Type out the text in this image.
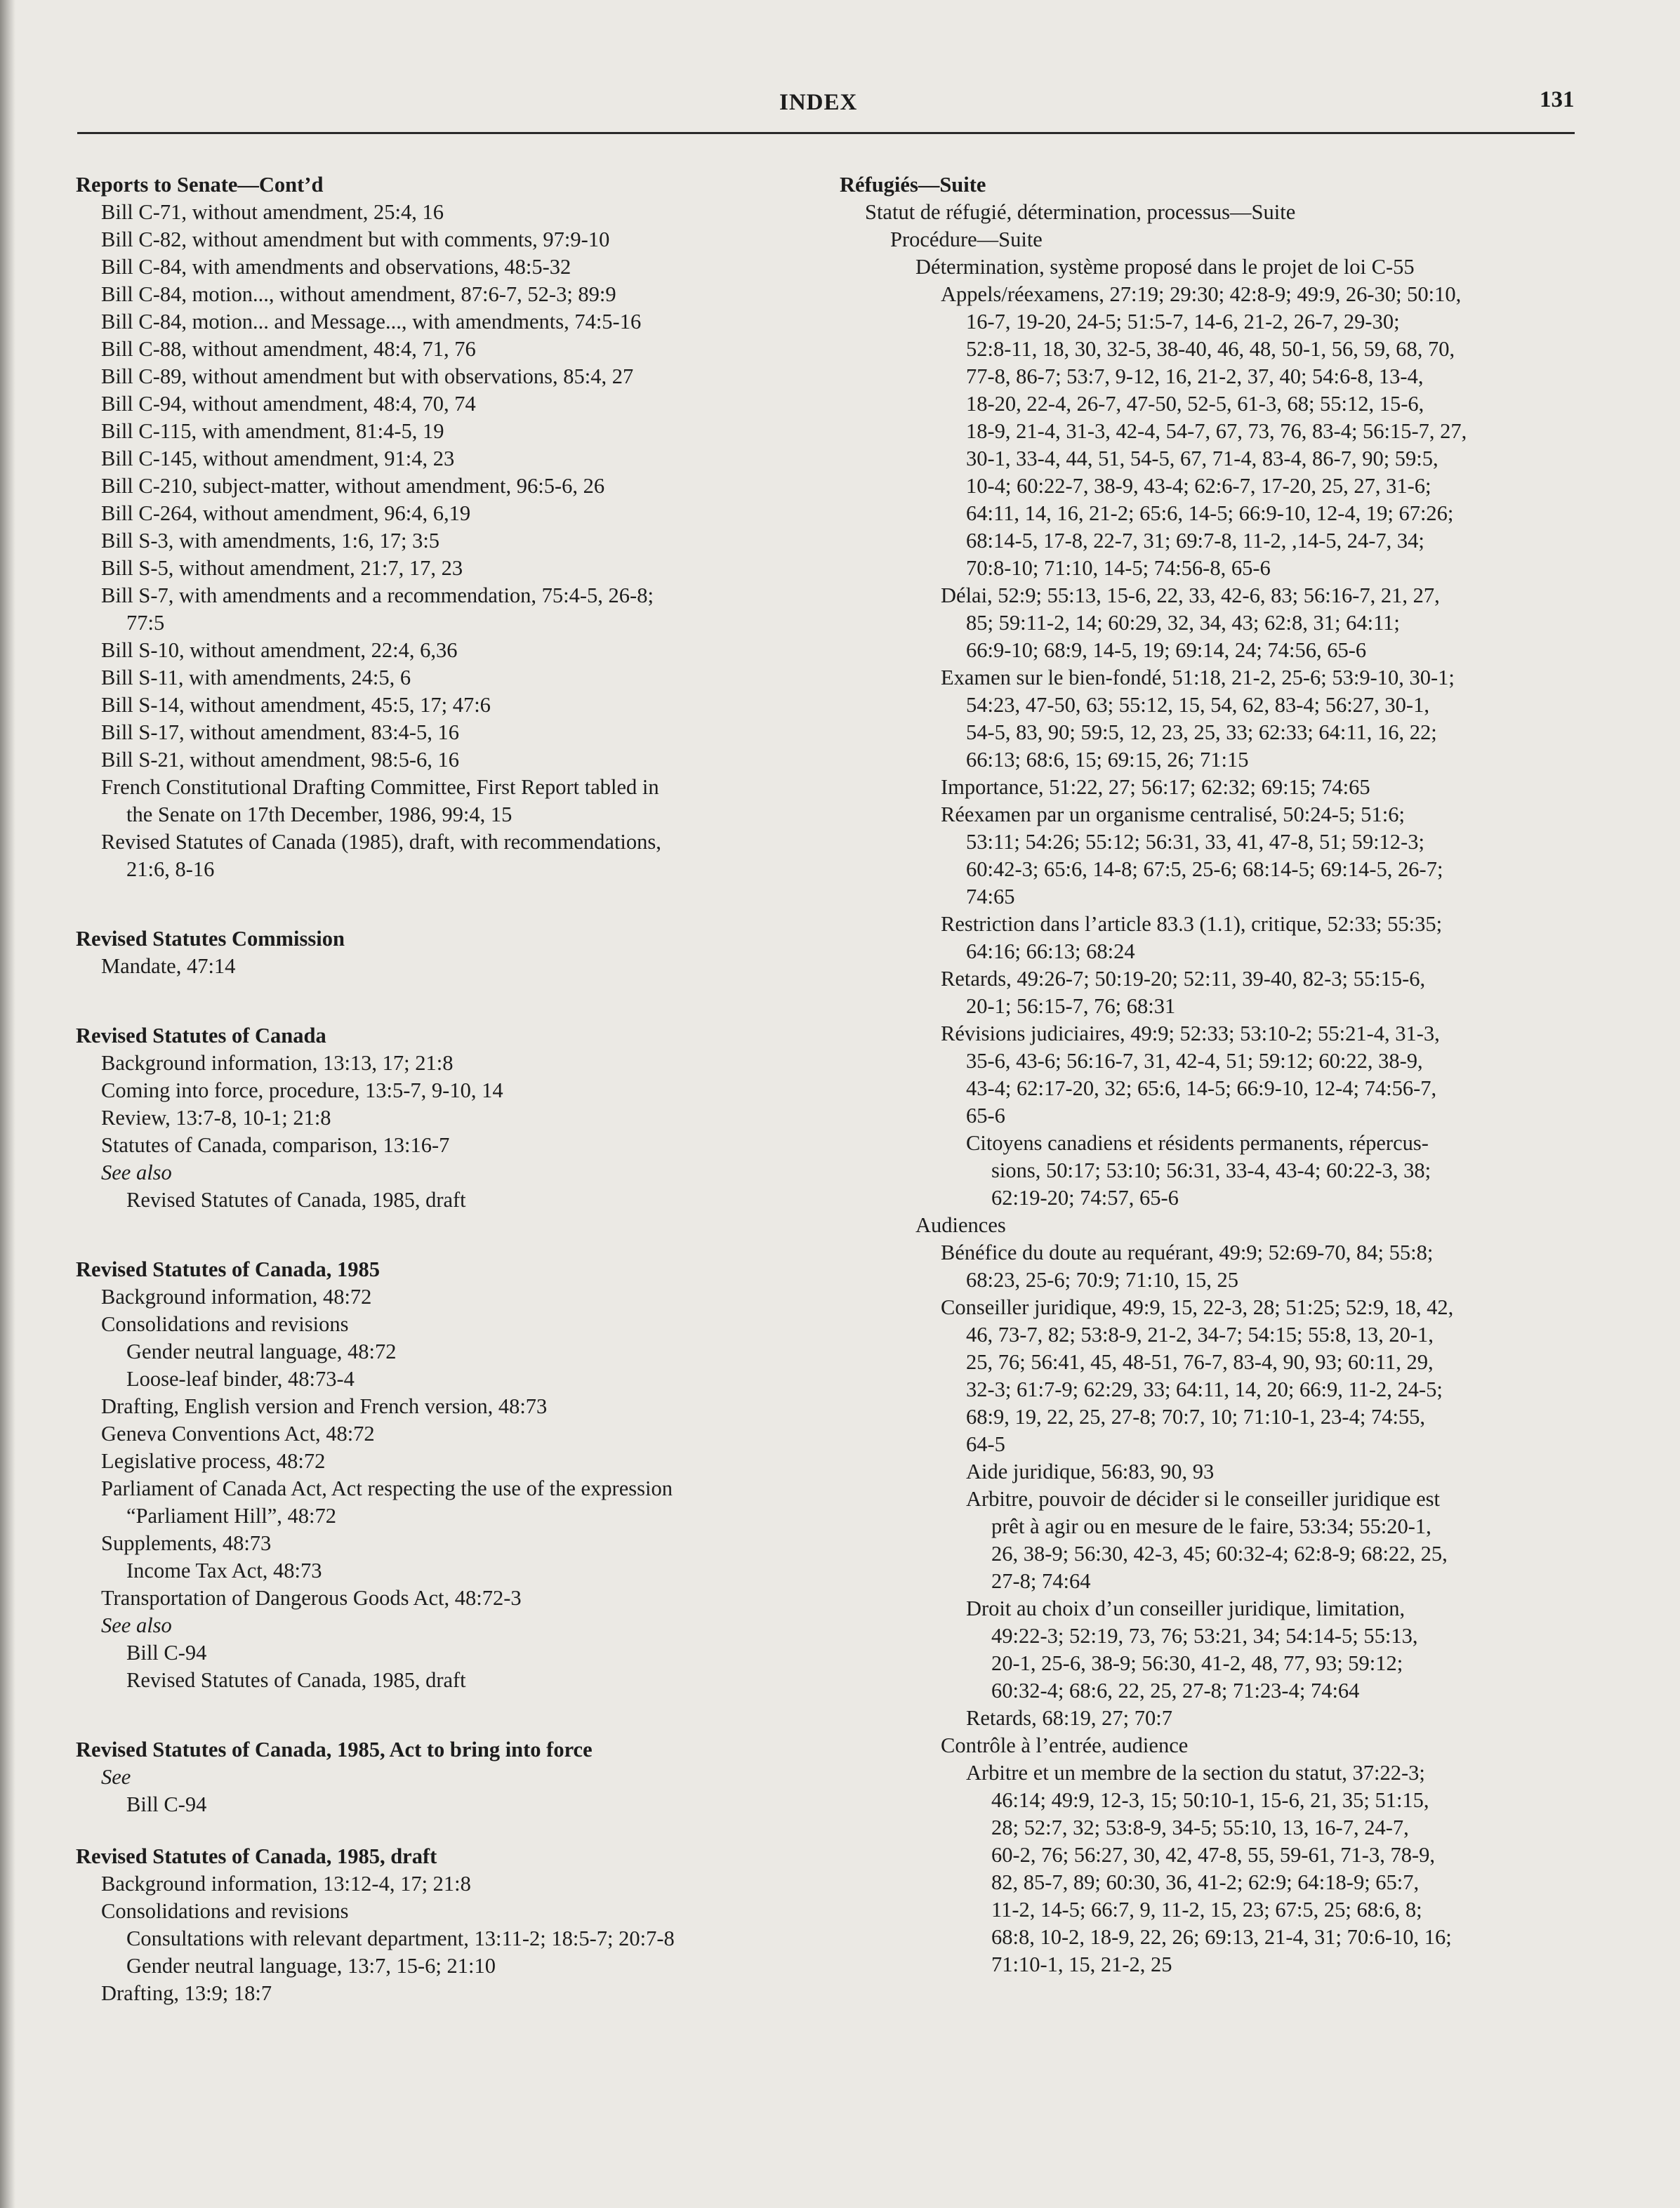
INDEX	131
Reports to Senate—Cont’d
Bill C-71, without amendment, 25:4, 16
Bill C-82, without amendment but with comments, 97:9-10
Bill C-84, with amendments and observations, 48:5-32
Bill C-84, motion..., without amendment, 87:6-7, 52-3; 89:9
Bill C-84, motion... and Message..., with amendments, 74:5-16
Bill C-88, without amendment, 48:4, 71, 76
Bill C-89, without amendment but with observations, 85:4, 27
Bill C-94, without amendment, 48:4, 70, 74
Bill C-115, with amendment, 81:4-5, 19
Bill C-145, without amendment, 91:4, 23
Bill C-210, subject-matter, without amendment, 96:5-6, 26
Bill C-264, without amendment, 96:4, 6,19
Bill S-3, with amendments, 1:6, 17; 3:5
Bill S-5, without amendment, 21:7, 17, 23
Bill S-7, with amendments and a recommendation, 75:4-5, 26-8;
77:5
Bill S-10, without amendment, 22:4, 6,36
Bill S-11, with amendments, 24:5, 6
Bill S-14, without amendment, 45:5, 17; 47:6
Bill S-17, without amendment, 83:4-5, 16
Bill S-21, without amendment, 98:5-6, 16
French Constitutional Drafting Committee, First Report tabled in
the Senate on 17th December, 1986, 99:4, 15
Revised Statutes of Canada (1985), draft, with recommendations,
21:6, 8-16
Revised Statutes Commission
Mandate, 47:14
Revised Statutes of Canada
Background information, 13:13, 17; 21:8
Coming into force, procedure, 13:5-7, 9-10, 14
Review, 13:7-8, 10-1; 21:8
Statutes of Canada, comparison, 13:16-7
See also
Revised Statutes of Canada, 1985, draft
Revised Statutes of Canada, 1985
Background information, 48:72
Consolidations and revisions
Gender neutral language, 48:72
Loose-leaf binder, 48:73-4
Drafting, English version and French version, 48:73
Geneva Conventions Act, 48:72
Legislative process, 48:72
Parliament of Canada Act, Act respecting the use of the expression
“Parliament Hill”, 48:72
Supplements, 48:73
Income Tax Act, 48:73
Transportation of Dangerous Goods Act, 48:72-3
See also
Bill C-94
Revised Statutes of Canada, 1985, draft
Revised Statutes of Canada, 1985, Act to bring into force
See
Bill C-94
Revised Statutes of Canada, 1985, draft
Background information, 13:12-4, 17; 21:8
Consolidations and revisions
Consultations with relevant department, 13:11-2; 18:5-7; 20:7-8
Gender neutral language, 13:7, 15-6; 21:10
Drafting, 13:9; 18:7
Réfugiés—Suite
Statut de réfugié, détermination, processus—Suite
Procédure—Suite
Détermination, système proposé dans le projet de loi C-55
Appels/réexamens, 27:19; 29:30; 42:8-9; 49:9, 26-30; 50:10,
16-7, 19-20, 24-5; 51:5-7, 14-6, 21-2, 26-7, 29-30;
52:8-11, 18, 30, 32-5, 38-40, 46, 48, 50-1, 56, 59, 68, 70,
77-8, 86-7; 53:7, 9-12, 16, 21-2, 37, 40; 54:6-8, 13-4,
18-20, 22-4, 26-7, 47-50, 52-5, 61-3, 68; 55:12, 15-6,
18-9, 21-4, 31-3, 42-4, 54-7, 67, 73, 76, 83-4; 56:15-7, 27,
30-1, 33-4, 44, 51, 54-5, 67, 71-4, 83-4, 86-7, 90; 59:5,
10-4; 60:22-7, 38-9, 43-4; 62:6-7, 17-20, 25, 27, 31-6;
64:11, 14, 16, 21-2; 65:6, 14-5; 66:9-10, 12-4, 19; 67:26;
68:14-5, 17-8, 22-7, 31; 69:7-8, 11-2, ,14-5, 24-7, 34;
70:8-10; 71:10, 14-5; 74:56-8, 65-6
Délai, 52:9; 55:13, 15-6, 22, 33, 42-6, 83; 56:16-7, 21, 27,
85; 59:11-2, 14; 60:29, 32, 34, 43; 62:8, 31; 64:11;
66:9-10; 68:9, 14-5, 19; 69:14, 24; 74:56, 65-6
Examen sur le bien-fondé, 51:18, 21-2, 25-6; 53:9-10, 30-1;
54:23, 47-50, 63; 55:12, 15, 54, 62, 83-4; 56:27, 30-1,
54-5, 83, 90; 59:5, 12, 23, 25, 33; 62:33; 64:11, 16, 22;
66:13; 68:6, 15; 69:15, 26; 71:15
Importance, 51:22, 27; 56:17; 62:32; 69:15; 74:65
Réexamen par un organisme centralisé, 50:24-5; 51:6;
53:11; 54:26; 55:12; 56:31, 33, 41, 47-8, 51; 59:12-3;
60:42-3; 65:6, 14-8; 67:5, 25-6; 68:14-5; 69:14-5, 26-7;
74:65
Restriction dans l’article 83.3 (1.1), critique, 52:33; 55:35;
64:16; 66:13; 68:24
Retards, 49:26-7; 50:19-20; 52:11, 39-40, 82-3; 55:15-6,
20-1; 56:15-7, 76; 68:31
Révisions judiciaires, 49:9; 52:33; 53:10-2; 55:21-4, 31-3,
35-6, 43-6; 56:16-7, 31, 42-4, 51; 59:12; 60:22, 38-9,
43-4; 62:17-20, 32; 65:6, 14-5; 66:9-10, 12-4; 74:56-7,
65-6
Citoyens canadiens et résidents permanents, répercus-
sions, 50:17; 53:10; 56:31, 33-4, 43-4; 60:22-3, 38;
62:19-20; 74:57, 65-6
Audiences
Bénéfice du doute au requérant, 49:9; 52:69-70, 84; 55:8;
68:23, 25-6; 70:9; 71:10, 15, 25
Conseiller juridique, 49:9, 15, 22-3, 28; 51:25; 52:9, 18, 42,
46, 73-7, 82; 53:8-9, 21-2, 34-7; 54:15; 55:8, 13, 20-1,
25, 76; 56:41, 45, 48-51, 76-7, 83-4, 90, 93; 60:11, 29,
32-3; 61:7-9; 62:29, 33; 64:11, 14, 20; 66:9, 11-2, 24-5;
68:9, 19, 22, 25, 27-8; 70:7, 10; 71:10-1, 23-4; 74:55,
64-5
Aide juridique, 56:83, 90, 93
Arbitre, pouvoir de décider si le conseiller juridique est
prêt à agir ou en mesure de le faire, 53:34; 55:20-1,
26, 38-9; 56:30, 42-3, 45; 60:32-4; 62:8-9; 68:22, 25,
27-8; 74:64
Droit au choix d’un conseiller juridique, limitation,
49:22-3; 52:19, 73, 76; 53:21, 34; 54:14-5; 55:13,
20-1, 25-6, 38-9; 56:30, 41-2, 48, 77, 93; 59:12;
60:32-4; 68:6, 22, 25, 27-8; 71:23-4; 74:64
Retards, 68:19, 27; 70:7
Contrôle à l’entrée, audience
Arbitre et un membre de la section du statut, 37:22-3;
46:14; 49:9, 12-3, 15; 50:10-1, 15-6, 21, 35; 51:15,
28; 52:7, 32; 53:8-9, 34-5; 55:10, 13, 16-7, 24-7,
60-2, 76; 56:27, 30, 42, 47-8, 55, 59-61, 71-3, 78-9,
82, 85-7, 89; 60:30, 36, 41-2; 62:9; 64:18-9; 65:7,
11-2, 14-5; 66:7, 9, 11-2, 15, 23; 67:5, 25; 68:6, 8;
68:8, 10-2, 18-9, 22, 26; 69:13, 21-4, 31; 70:6-10, 16;
71:10-1, 15, 21-2, 25
